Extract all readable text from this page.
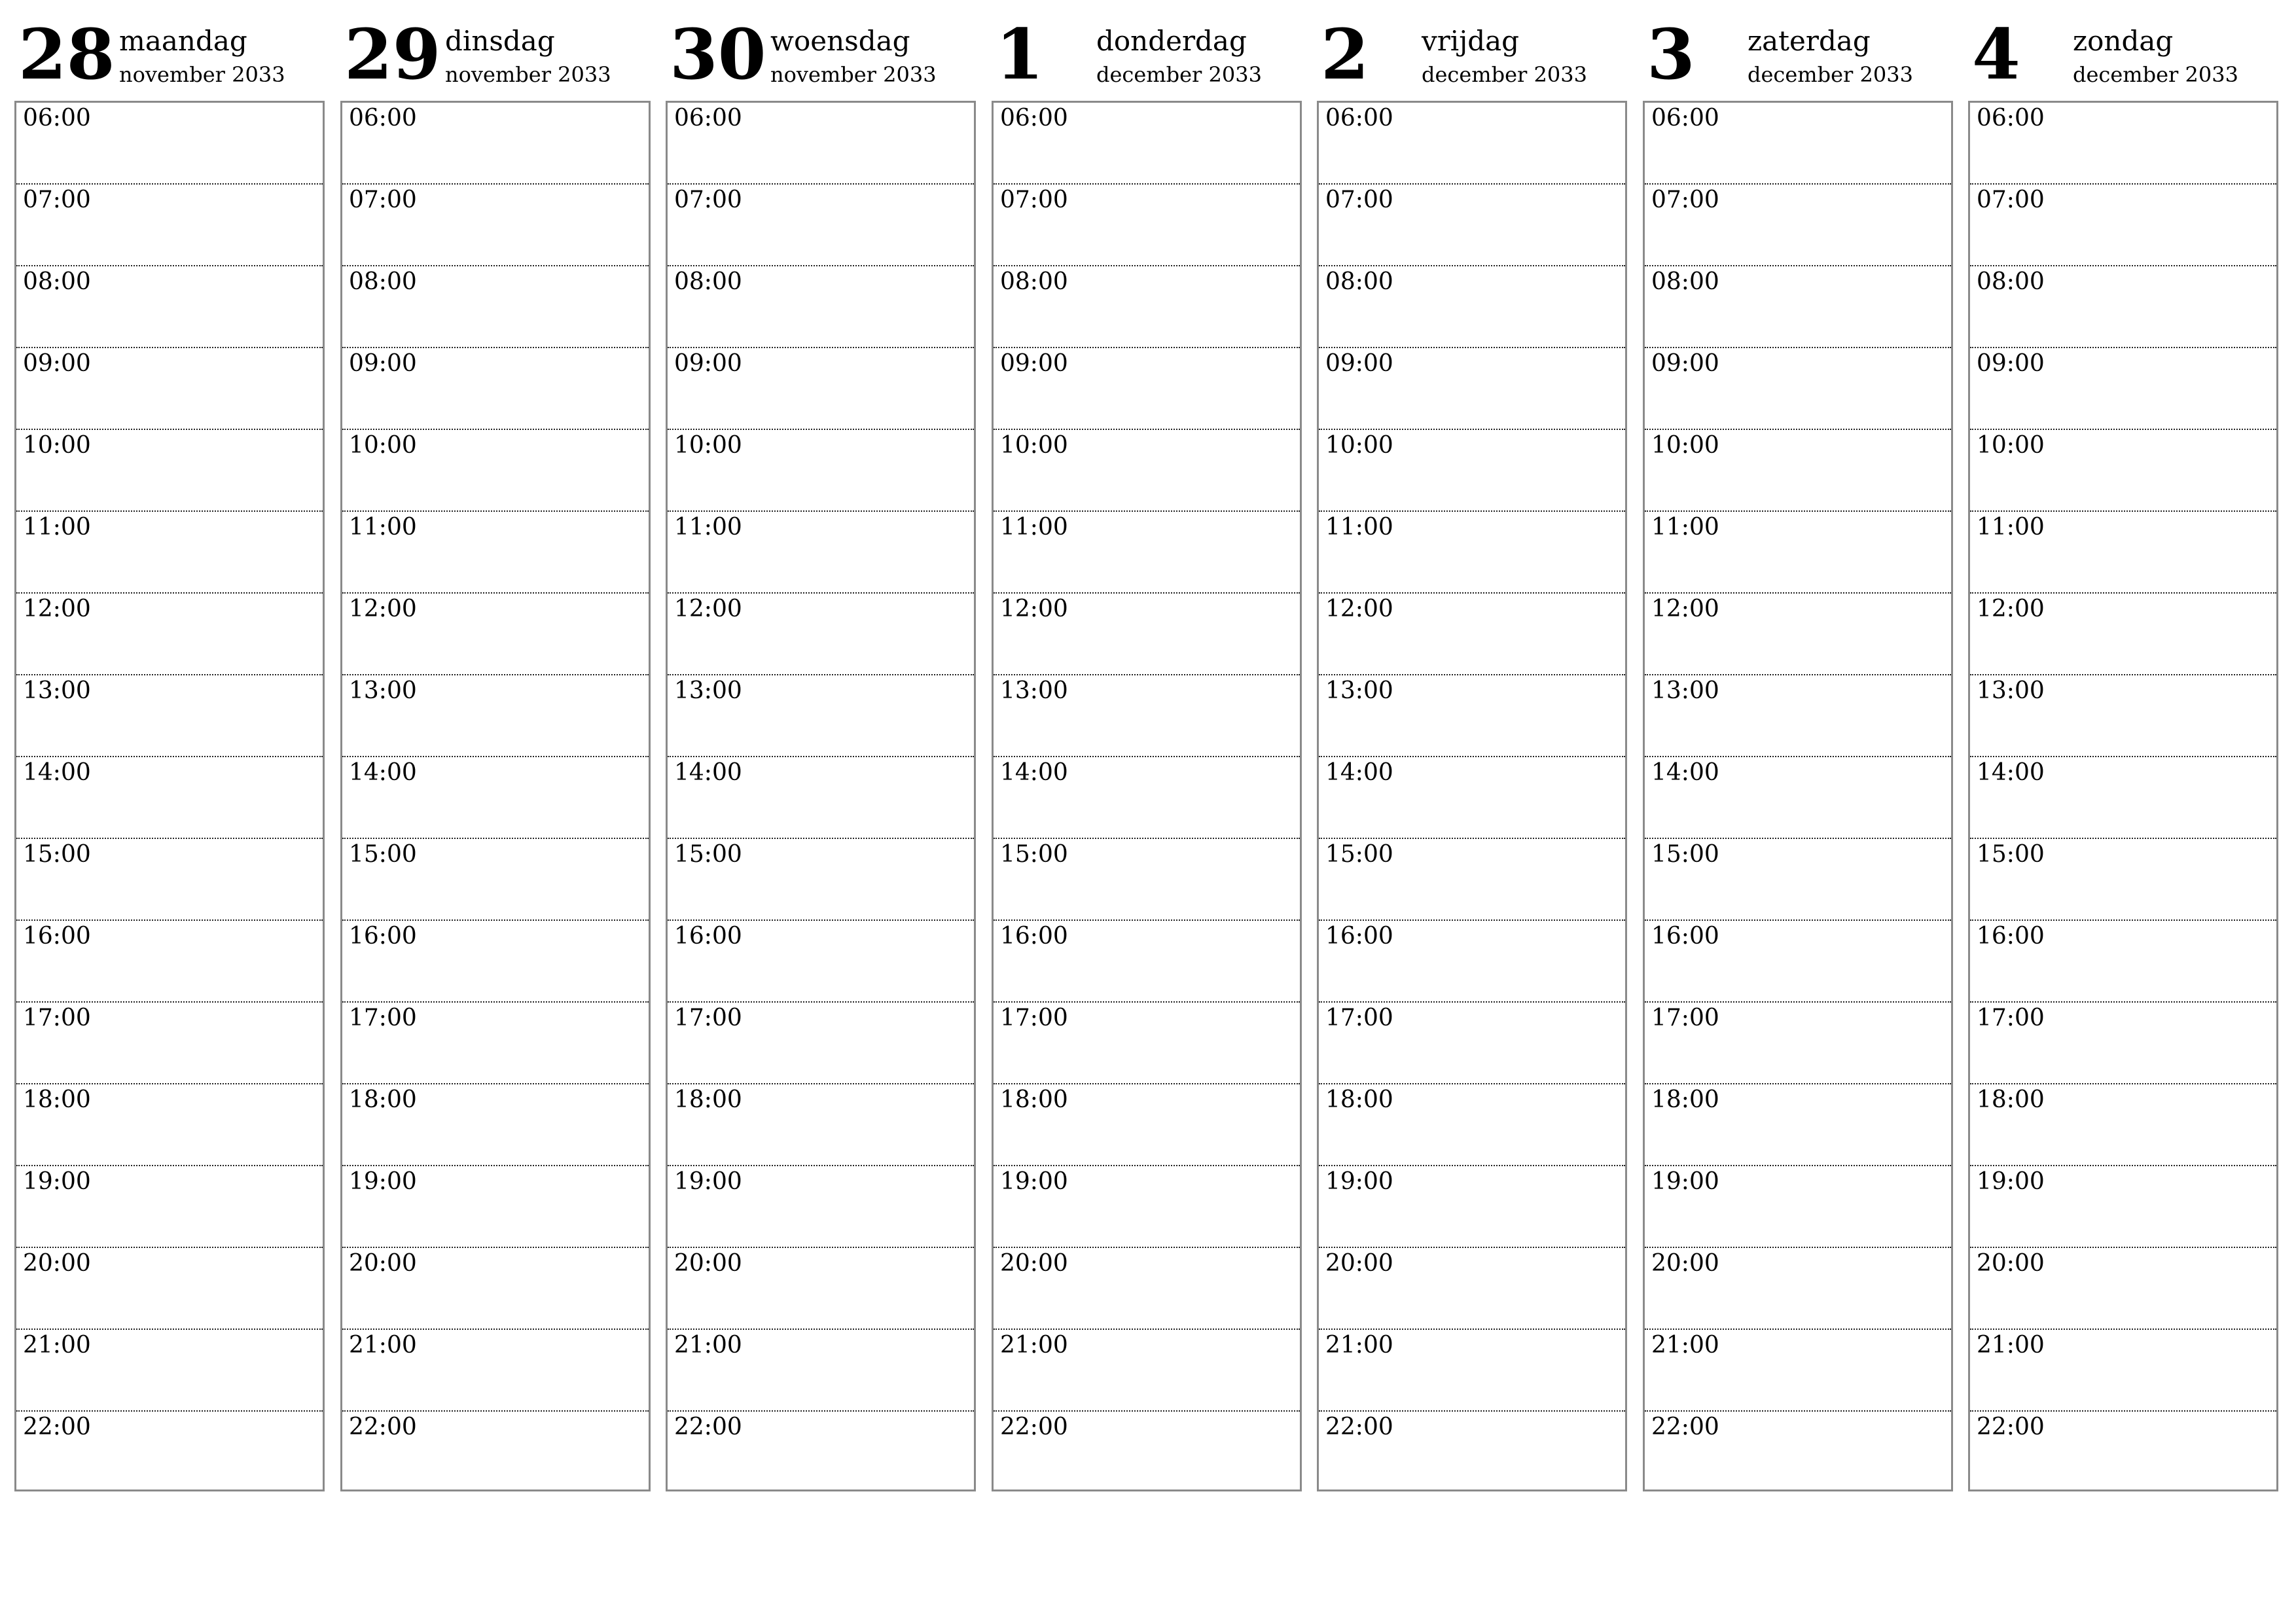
28 maandag
november 2033
06:00
07:00
08:00
09:00
10:00
11:00
12:00
13:00
14:00
15:00
16:00
17:00
18:00
19:00
20:00
21:00
22:00
29 dinsdag
november 2033
06:00
07:00
08:00
09:00
10:00
11:00
12:00
13:00
14:00
15:00
16:00
17:00
18:00
19:00
20:00
21:00
22:00
30 woensdag
november 2033
06:00
07:00
08:00
09:00
10:00
11:00
12:00
13:00
14:00
15:00
16:00
17:00
18:00
19:00
20:00
21:00
22:00
1 donderdag
december 2033
06:00
07:00
08:00
09:00
10:00
11:00
12:00
13:00
14:00
15:00
16:00
17:00
18:00
19:00
20:00
21:00
22:00
2 vrijdag
december 2033
06:00
07:00
08:00
09:00
10:00
11:00
12:00
13:00
14:00
15:00
16:00
17:00
18:00
19:00
20:00
21:00
22:00
3 zaterdag
december 2033
06:00
07:00
08:00
09:00
10:00
11:00
12:00
13:00
14:00
15:00
16:00
17:00
18:00
19:00
20:00
21:00
22:00
4 zondag
december 2033
06:00
07:00
08:00
09:00
10:00
11:00
12:00
13:00
14:00
15:00
16:00
17:00
18:00
19:00
20:00
21:00
22:00
